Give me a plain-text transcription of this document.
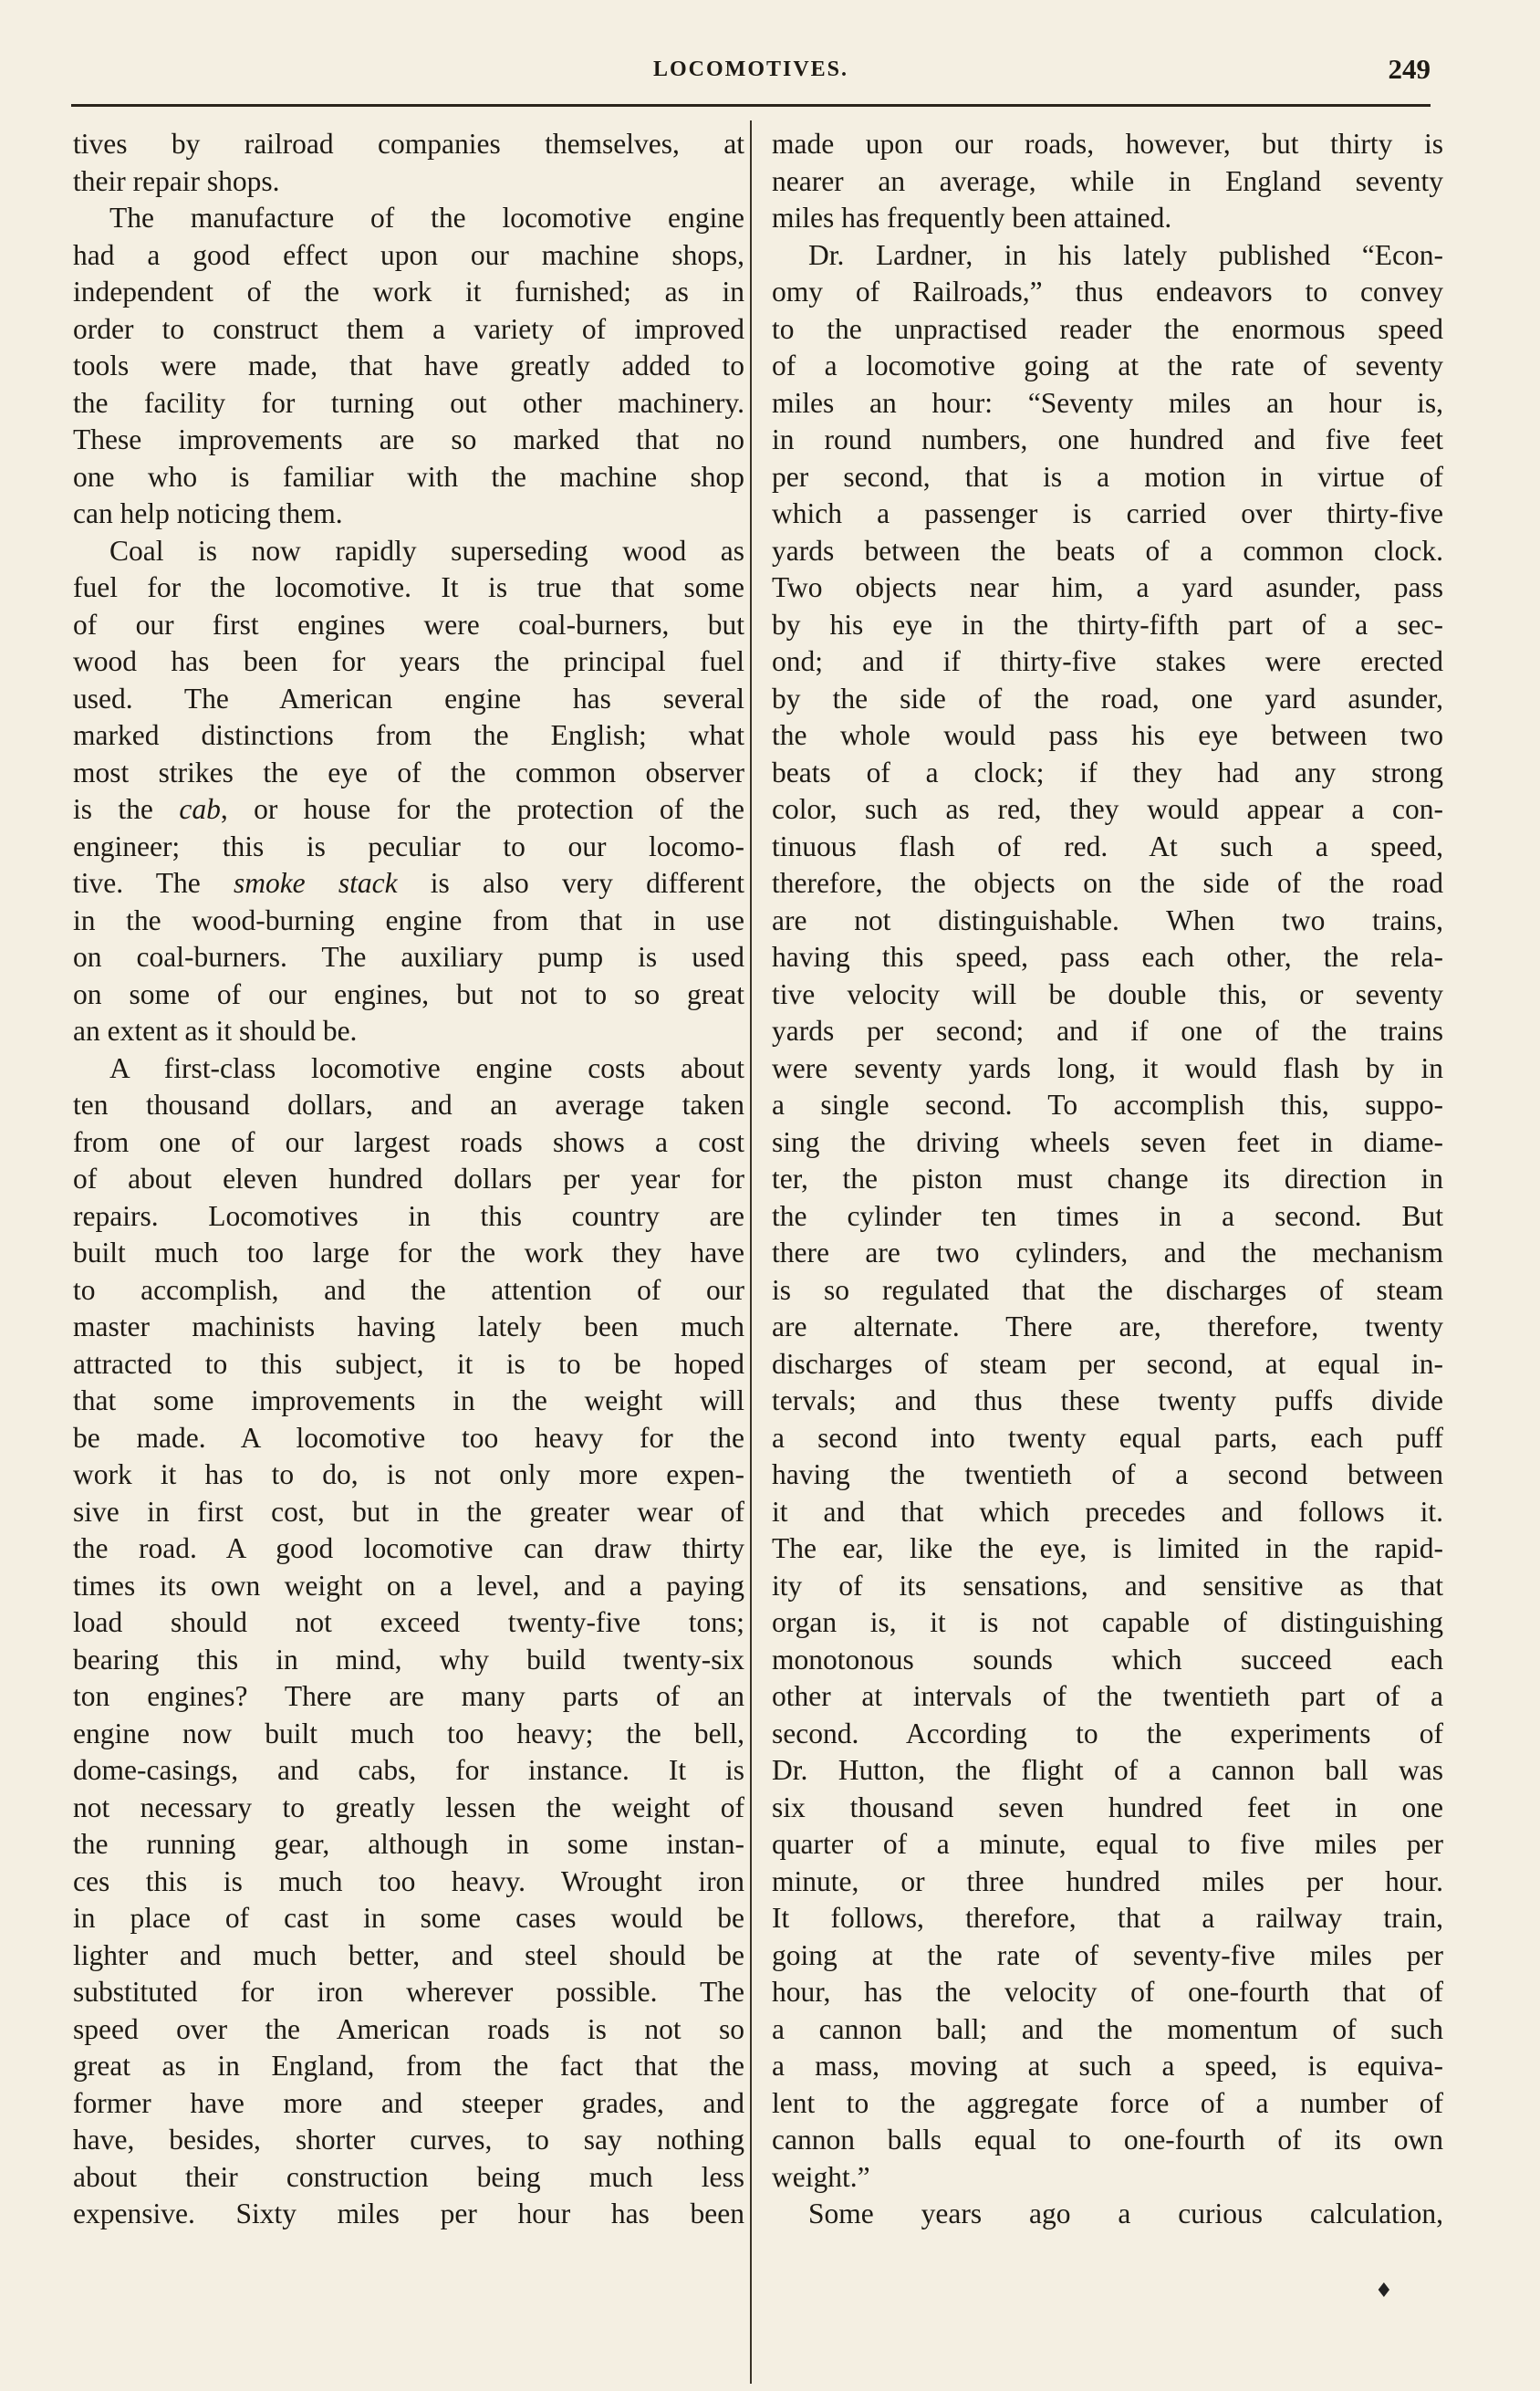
LOCOMOTIVES.	249
tives by railroad companies themselves, at
their repair shops.
The manufacture of the locomotive engine
had a good effect upon our machine shops,
independent of the work it furnished; as in
order to construct them a variety of improved
tools were made, that have greatly added to
the facility for turning out other machinery.
These improvements are so marked that no
one who is familiar with the machine shop
can help noticing them.
Coal is now rapidly superseding wood as
fuel for the locomotive. It is true that some
of our first engines were coal-burners, but
wood has been for years the principal fuel
used. The American engine has several
marked distinctions from the English; what
most strikes the eye of the common observer
is the cab, or house for the protection of the
engineer; this is peculiar to our locomo-
tive. The smoke stack is also very different
in the wood-burning engine from that in use
on coal-burners. The auxiliary pump is used
on some of our engines, but not to so great
an extent as it should be.
A first-class locomotive engine costs about
ten thousand dollars, and an average taken
from one of our largest roads shows a cost
of about eleven hundred dollars per year for
repairs. Locomotives in this country are
built much too large for the work they have
to accomplish, and the attention of our
master machinists having lately been much
attracted to this subject, it is to be hoped
that some improvements in the weight will
be made. A locomotive too heavy for the
work it has to do, is not only more expen-
sive in first cost, but in the greater wear of
the road. A good locomotive can draw thirty
times its own weight on a level, and a paying
load should not exceed twenty-five tons;
bearing this in mind, why build twenty-six
ton engines? There are many parts of an
engine now built much too heavy; the bell,
dome-casings, and cabs, for instance. It is
not necessary to greatly lessen the weight of
the running gear, although in some instan-
ces this is much too heavy. Wrought iron
in place of cast in some cases would be
lighter and much better, and steel should be
substituted for iron wherever possible. The
speed over the American roads is not so
great as in England, from the fact that the
former have more and steeper grades, and
have, besides, shorter curves, to say nothing
about their construction being much less
expensive. Sixty miles per hour has been
made upon our roads, however, but thirty is
nearer an average, while in England seventy
miles has frequently been attained.
Dr. Lardner, in his lately published “Econ-
omy of Railroads,” thus endeavors to convey
to the unpractised reader the enormous speed
of a locomotive going at the rate of seventy
miles an hour: “Seventy miles an hour is,
in round numbers, one hundred and five feet
per second, that is a motion in virtue of
which a passenger is carried over thirty-five
yards between the beats of a common clock.
Two objects near him, a yard asunder, pass
by his eye in the thirty-fifth part of a sec-
ond; and if thirty-five stakes were erected
by the side of the road, one yard asunder,
the whole would pass his eye between two
beats of a clock; if they had any strong
color, such as red, they would appear a con-
tinuous flash of red. At such a speed,
therefore, the objects on the side of the road
are not distinguishable. When two trains,
having this speed, pass each other, the rela-
tive velocity will be double this, or seventy
yards per second; and if one of the trains
were seventy yards long, it would flash by in
a single second. To accomplish this, suppo-
sing the driving wheels seven feet in diame-
ter, the piston must change its direction in
the cylinder ten times in a second. But
there are two cylinders, and the mechanism
is so regulated that the discharges of steam
are alternate. There are, therefore, twenty
discharges of steam per second, at equal in-
tervals; and thus these twenty puffs divide
a second into twenty equal parts, each puff
having the twentieth of a second between
it and that which precedes and follows it.
The ear, like the eye, is limited in the rapid-
ity of its sensations, and sensitive as that
organ is, it is not capable of distinguishing
monotonous sounds which succeed each
other at intervals of the twentieth part of a
second. According to the experiments of
Dr. Hutton, the flight of a cannon ball was
six thousand seven hundred feet in one
quarter of a minute, equal to five miles per
minute, or three hundred miles per hour.
It follows, therefore, that a railway train,
going at the rate of seventy-five miles per
hour, has the velocity of one-fourth that of
a cannon ball; and the momentum of such
a mass, moving at such a speed, is equiva-
lent to the aggregate force of a number of
cannon balls equal to one-fourth of its own
weight.”
Some years ago a curious calculation,
♦
